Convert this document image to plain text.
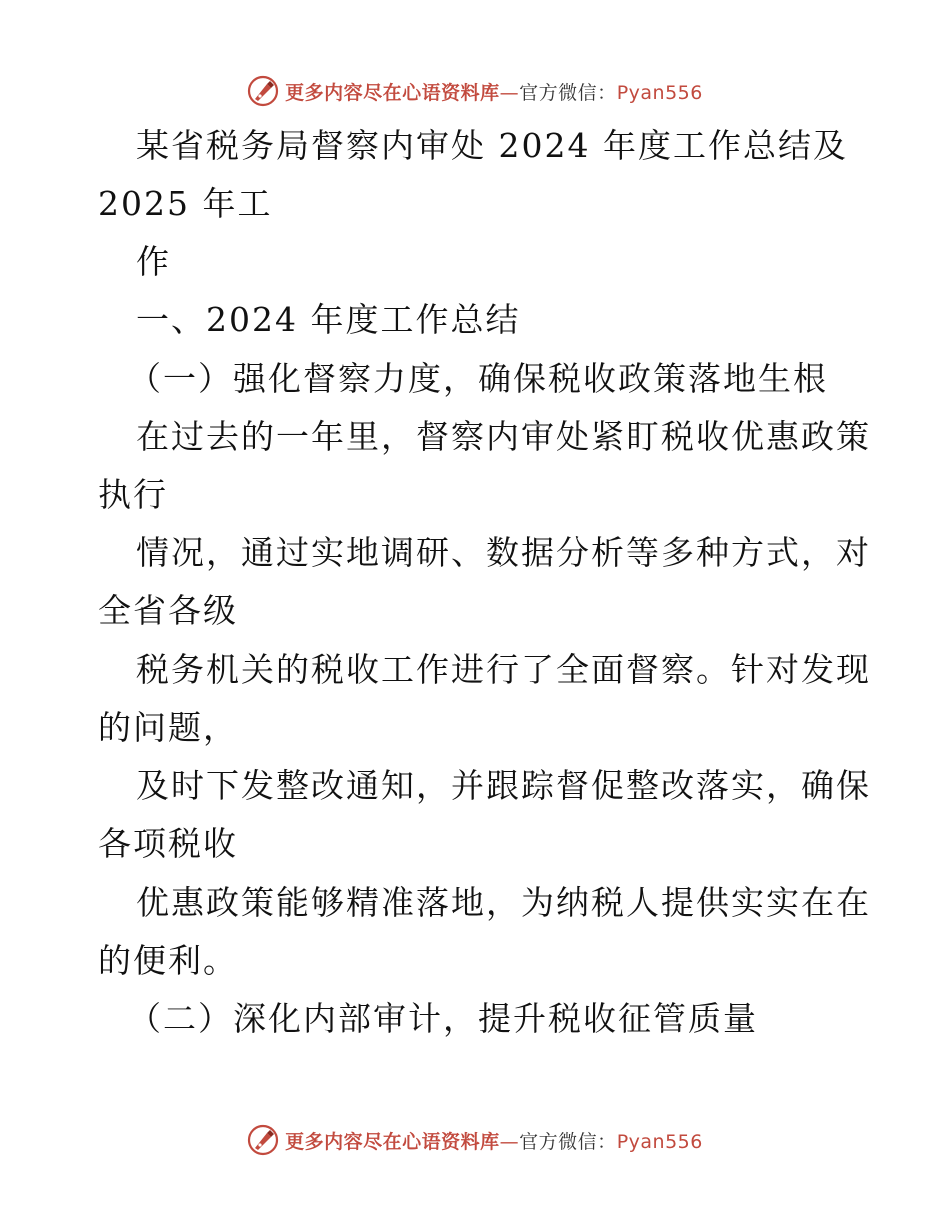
更多内容尽在心语资料库—官方微信：Pyan556
某省税务局督察内审处 2024 年度工作总结及
2025 年工
作
一、2024 年度工作总结
（一）强化督察力度，确保税收政策落地生根
在过去的一年里，督察内审处紧盯税收优惠政策
执行
情况，通过实地调研、数据分析等多种方式，对
全省各级
税务机关的税收工作进行了全面督察。针对发现
的问题，
及时下发整改通知，并跟踪督促整改落实，确保
各项税收
优惠政策能够精准落地，为纳税人提供实实在在
的便利。
（二）深化内部审计，提升税收征管质量
更多内容尽在心语资料库—官方微信：Pyan556
